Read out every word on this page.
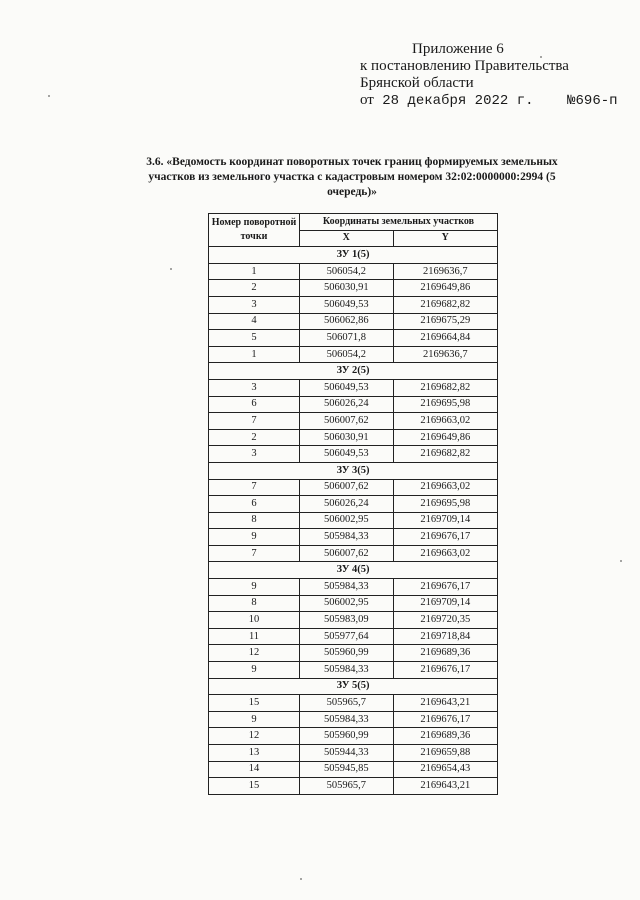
Приложение 6
к постановлению Правительства
Брянской области
от 28 декабря 2022 г. №696-п
3.6. «Ведомость координат поворотных точек границ формируемых земельных
участков из земельного участка с кадастровым номером 32:02:0000000:2994 (5
очередь)»
Номер поворотной точки	Координаты земельных участков	
	X	Y
ЗУ 1(5)		
1	506054,2	2169636,7
2	506030,91	2169649,86
3	506049,53	2169682,82
4	506062,86	2169675,29
5	506071,8	2169664,84
1	506054,2	2169636,7
ЗУ 2(5)		
3	506049,53	2169682,82
6	506026,24	2169695,98
7	506007,62	2169663,02
2	506030,91	2169649,86
3	506049,53	2169682,82
ЗУ 3(5)		
7	506007,62	2169663,02
6	506026,24	2169695,98
8	506002,95	2169709,14
9	505984,33	2169676,17
7	506007,62	2169663,02
ЗУ 4(5)		
9	505984,33	2169676,17
8	506002,95	2169709,14
10	505983,09	2169720,35
11	505977,64	2169718,84
12	505960,99	2169689,36
9	505984,33	2169676,17
ЗУ 5(5)		
15	505965,7	2169643,21
9	505984,33	2169676,17
12	505960,99	2169689,36
13	505944,33	2169659,88
14	505945,85	2169654,43
15	505965,7	2169643,21
